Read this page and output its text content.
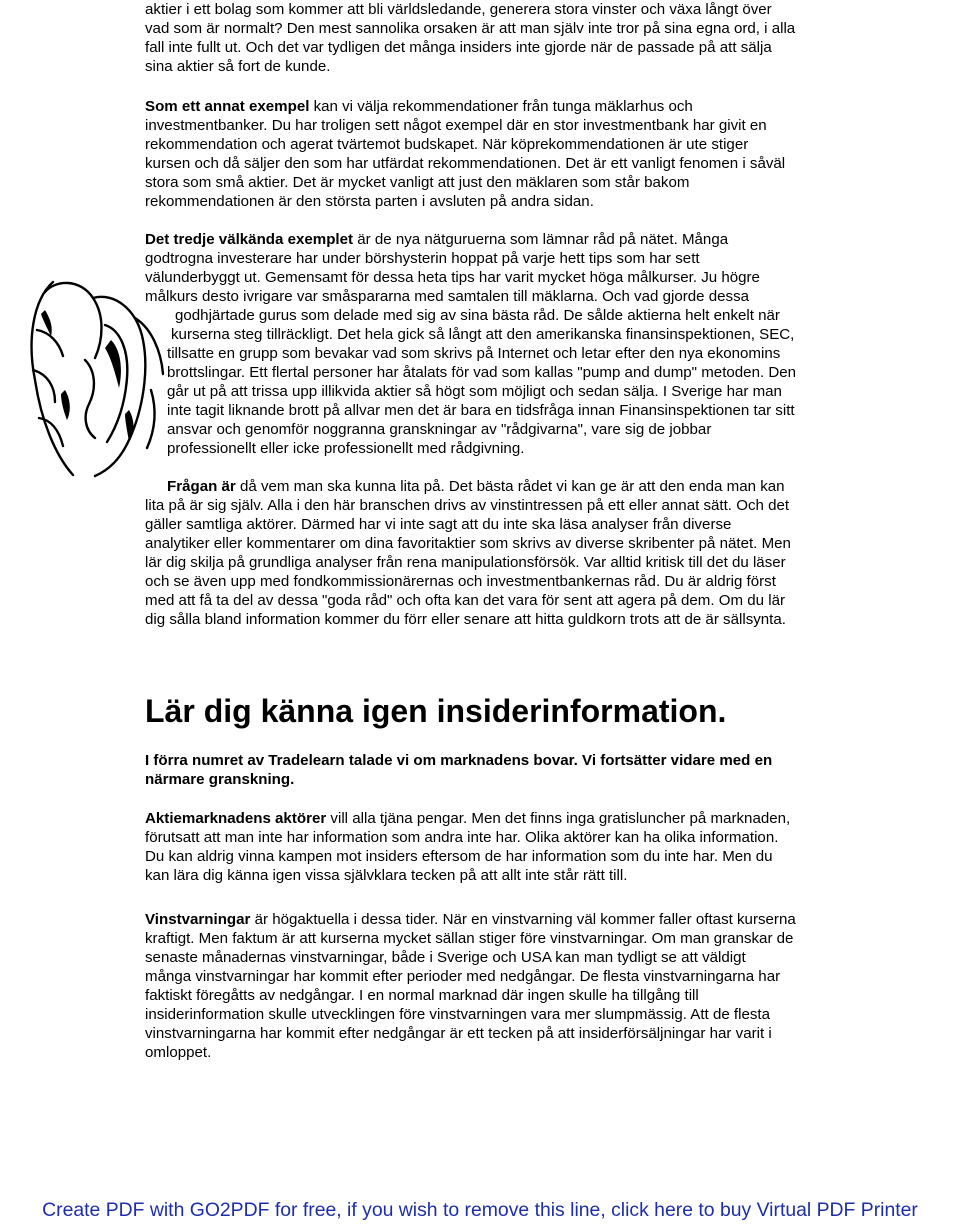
aktier i ett bolag som kommer att bli världsledande, generera stora vinster och växa långt över
vad som är normalt? Den mest sannolika orsaken är att man själv inte tror på sina egna ord, i alla
fall inte fullt ut. Och det var tydligen det många insiders inte gjorde när de passade på att sälja
sina aktier så fort de kunde.
Som ett annat exempel kan vi välja rekommendationer från tunga mäklarhus och
investmentbanker. Du har troligen sett något exempel där en stor investmentbank har givit en
rekommendation och agerat tvärtemot budskapet. När köprekommendationen är ute stiger
kursen och då säljer den som har utfärdat rekommendationen. Det är ett vanligt fenomen i såväl
stora som små aktier. Det är mycket vanligt att just den mäklaren som står bakom
rekommendationen är den största parten i avsluten på andra sidan.
Det tredje välkända exemplet är de nya nätguruerna som lämnar råd på nätet. Många
godtrogna investerare har under börshysterin hoppat på varje hett tips som har sett
välunderbyggt ut. Gemensamt för dessa heta tips har varit mycket höga målkurser. Ju högre
målkurs desto ivrigare var småspararna med samtalen till mäklarna. Och vad gjorde dessa
godhjärtade gurus som delade med sig av sina bästa råd. De sålde aktierna helt enkelt när
kurserna steg tillräckligt. Det hela gick så långt att den amerikanska finansinspektionen, SEC,
tillsatte en grupp som bevakar vad som skrivs på Internet och letar efter den nya ekonomins
brottslingar. Ett flertal personer har åtalats för vad som kallas "pump and dump" metoden. Den
går ut på att trissa upp illikvida aktier så högt som möjligt och sedan sälja. I Sverige har man
inte tagit liknande brott på allvar men det är bara en tidsfråga innan Finansinspektionen tar sitt
ansvar och genomför noggranna granskningar av "rådgivarna", vare sig de jobbar
professionellt eller icke professionellt med rådgivning.
Frågan är då vem man ska kunna lita på. Det bästa rådet vi kan ge är att den enda man kan
lita på är sig själv. Alla i den här branschen drivs av vinstintressen på ett eller annat sätt. Och det
gäller samtliga aktörer. Därmed har vi inte sagt att du inte ska läsa analyser från diverse
analytiker eller kommentarer om dina favoritaktier som skrivs av diverse skribenter på nätet. Men
lär dig skilja på grundliga analyser från rena manipulationsförsök. Var alltid kritisk till det du läser
och se även upp med fondkommissionärernas och investmentbankernas råd. Du är aldrig först
med att få ta del av dessa "goda råd" och ofta kan det vara för sent att agera på dem. Om du lär
dig sålla bland information kommer du förr eller senare att hitta guldkorn trots att de är sällsynta.
Lär dig känna igen insiderinformation.
I förra numret av Tradelearn talade vi om marknadens bovar. Vi fortsätter vidare med en
närmare granskning.
Aktiemarknadens aktörer vill alla tjäna pengar. Men det finns inga gratisluncher på marknaden,
förutsatt att man inte har information som andra inte har. Olika aktörer kan ha olika information.
Du kan aldrig vinna kampen mot insiders eftersom de har information som du inte har. Men du
kan lära dig känna igen vissa självklara tecken på att allt inte står rätt till.
Vinstvarningar är högaktuella i dessa tider. När en vinstvarning väl kommer faller oftast kurserna
kraftigt. Men faktum är att kurserna mycket sällan stiger före vinstvarningar. Om man granskar de
senaste månadernas vinstvarningar, både i Sverige och USA kan man tydligt se att väldigt
många vinstvarningar har kommit efter perioder med nedgångar. De flesta vinstvarningarna har
faktiskt föregåtts av nedgångar. I en normal marknad där ingen skulle ha tillgång till
insiderinformation skulle utvecklingen före vinstvarningen vara mer slumpmässig. Att de flesta
vinstvarningarna har kommit efter nedgångar är ett tecken på att insiderförsäljningar har varit i
omloppet.
Create PDF with GO2PDF for free, if you wish to remove this line, click here to buy Virtual PDF Printer
